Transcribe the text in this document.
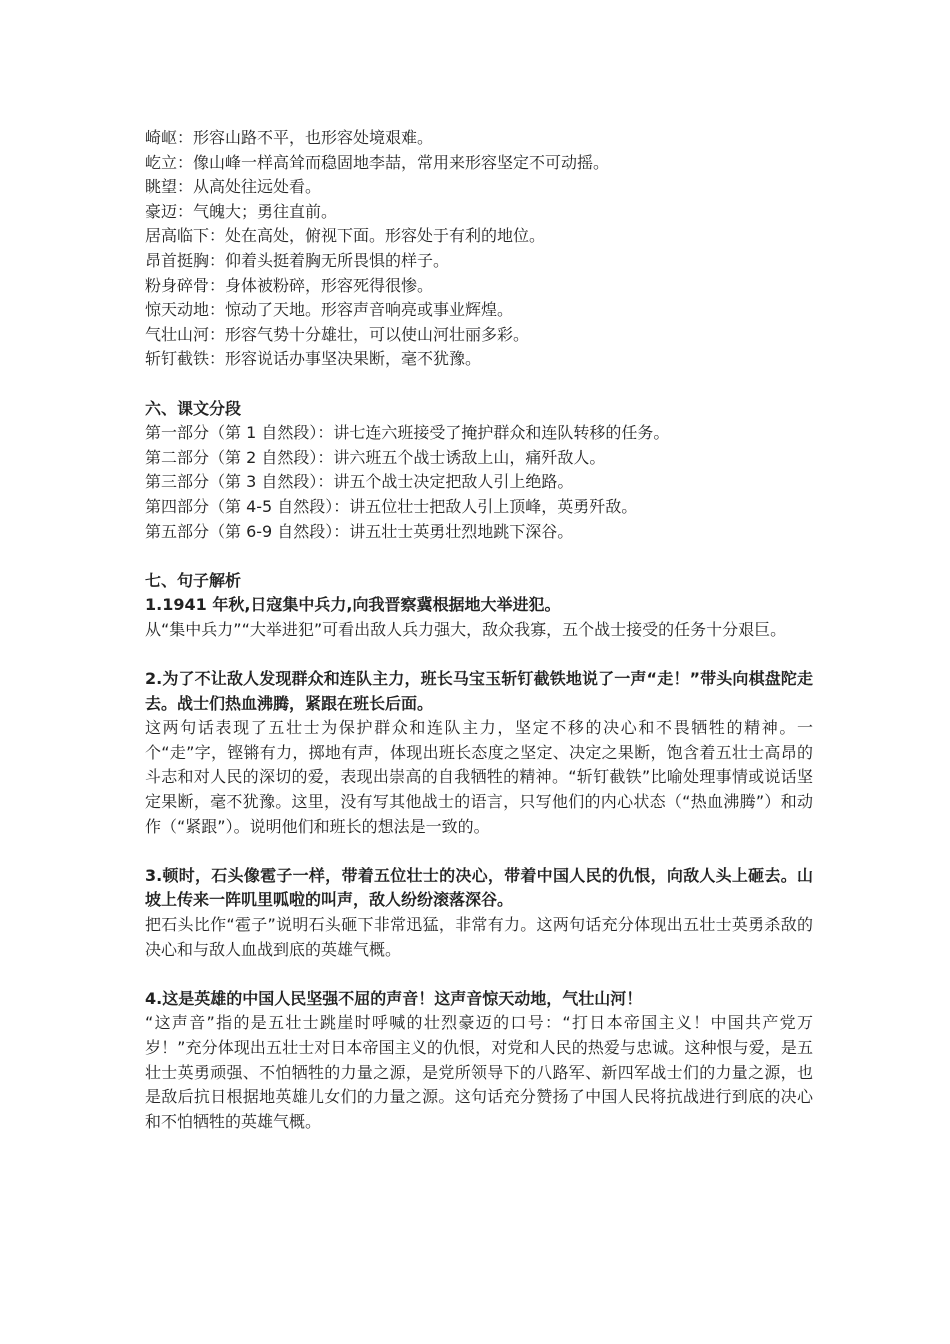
崎岖：形容山路不平，也形容处境艰难。
屹立：像山峰一样高耸而稳固地李喆，常用来形容坚定不可动摇。
眺望：从高处往远处看。
豪迈：气魄大；勇往直前。
居高临下：处在高处，俯视下面。形容处于有利的地位。
昂首挺胸：仰着头挺着胸无所畏惧的样子。
粉身碎骨：身体被粉碎，形容死得很惨。
惊天动地：惊动了天地。形容声音响亮或事业辉煌。
气壮山河：形容气势十分雄壮，可以使山河壮丽多彩。
斩钉截铁：形容说话办事坚决果断，毫不犹豫。
六、课文分段
第一部分（第 1 自然段）：讲七连六班接受了掩护群众和连队转移的任务。
第二部分（第 2 自然段）：讲六班五个战士诱敌上山，痛歼敌人。
第三部分（第 3 自然段）：讲五个战士决定把敌人引上绝路。
第四部分（第 4-5 自然段）：讲五位壮士把敌人引上顶峰，英勇歼敌。
第五部分（第 6-9 自然段）：讲五壮士英勇壮烈地跳下深谷。
七、句子解析
1.1941 年秋,日寇集中兵力,向我晋察冀根据地大举进犯。
从“集中兵力”“大举进犯”可看出敌人兵力强大，敌众我寡，五个战士接受的任务十分艰巨。
2.为了不让敌人发现群众和连队主力，班长马宝玉斩钉截铁地说了一声“走！”带头向棋盘陀走去。战士们热血沸腾，紧跟在班长后面。
这两句话表现了五壮士为保护群众和连队主力，坚定不移的决心和不畏牺牲的精神。一个“走”字，铿锵有力，掷地有声，体现出班长态度之坚定、决定之果断，饱含着五壮士高昂的斗志和对人民的深切的爱，表现出崇高的自我牺牲的精神。“斩钉截铁”比喻处理事情或说话坚定果断，毫不犹豫。这里，没有写其他战士的语言，只写他们的内心状态（“热血沸腾”）和动作（“紧跟”）。说明他们和班长的想法是一致的。
3.顿时，石头像雹子一样，带着五位壮士的决心，带着中国人民的仇恨，向敌人头上砸去。山坡上传来一阵叽里呱啦的叫声，敌人纷纷滚落深谷。
把石头比作“雹子”说明石头砸下非常迅猛，非常有力。这两句话充分体现出五壮士英勇杀敌的决心和与敌人血战到底的英雄气概。
4.这是英雄的中国人民坚强不屈的声音！这声音惊天动地，气壮山河！
“这声音”指的是五壮士跳崖时呼喊的壮烈豪迈的口号：“打日本帝国主义！中国共产党万岁！”充分体现出五壮士对日本帝国主义的仇恨，对党和人民的热爱与忠诚。这种恨与爱，是五壮士英勇顽强、不怕牺牲的力量之源，是党所领导下的八路军、新四军战士们的力量之源，也是敌后抗日根据地英雄儿女们的力量之源。这句话充分赞扬了中国人民将抗战进行到底的决心和不怕牺牲的英雄气概。
